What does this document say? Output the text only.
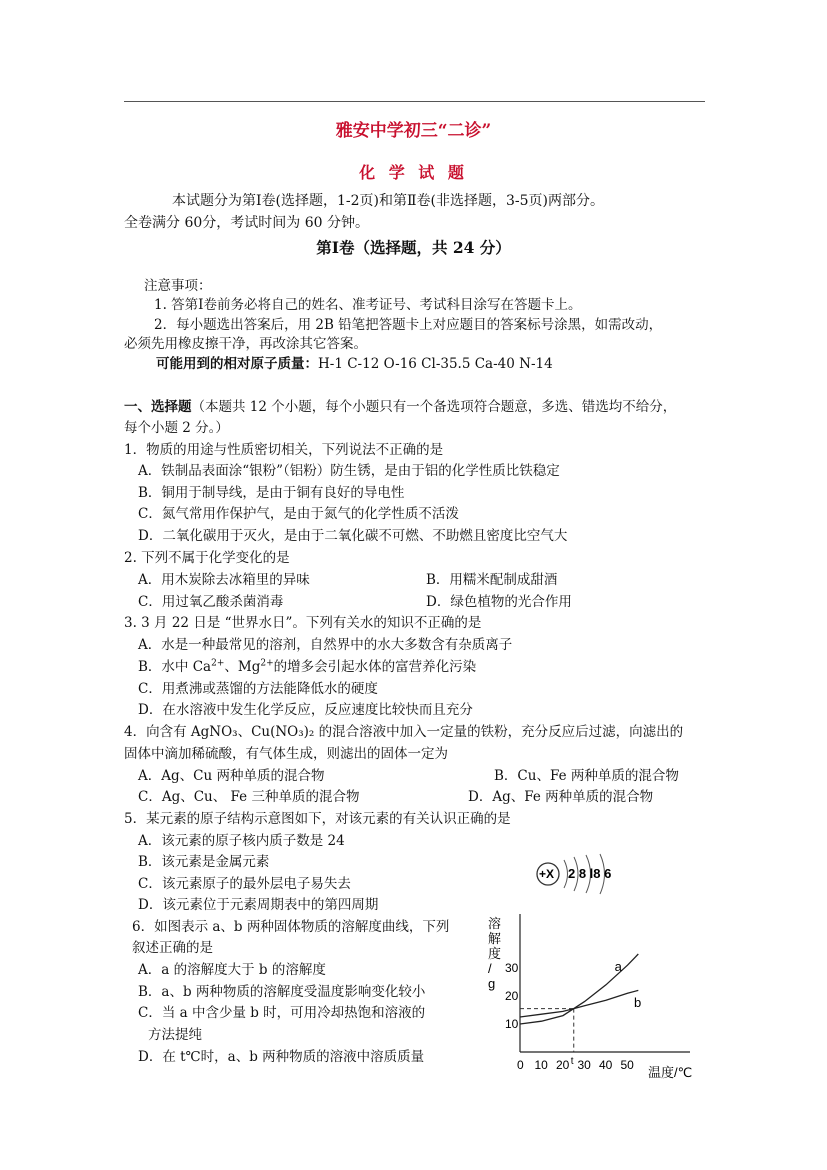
雅安中学初三“二诊”
化 学 试 题
本试题分为第Ⅰ卷(选择题，1-2页)和第Ⅱ卷(非选择题，3-5页)两部分。
全卷满分 60分，考试时间为 60 分钟。
第Ⅰ卷（选择题，共 24 分）
注意事项：
1. 答第Ⅰ卷前务必将自己的姓名、准考证号、考试科目涂写在答题卡上。
2．每小题选出答案后，用 2B 铅笔把答题卡上对应题目的答案标号涂黑，如需改动，
必须先用橡皮擦干净，再改涂其它答案。
可能用到的相对原子质量：H-1 C-12 O-16 Cl-35.5 Ca-40 N-14
一、选择题（本题共 12 个小题，每个小题只有一个备选项符合题意，多选、错选均不给分，
每个小题 2 分。）
1．物质的用途与性质密切相关，下列说法不正确的是
A．铁制品表面涂“银粉”（铝粉）防生锈，是由于铝的化学性质比铁稳定
B．铜用于制导线，是由于铜有良好的导电性
C．氮气常用作保护气，是由于氮气的化学性质不活泼
D．二氧化碳用于灭火，是由于二氧化碳不可燃、不助燃且密度比空气大
2. 下列不属于化学变化的是
A．用木炭除去冰箱里的异味	B．用糯米配制成甜酒
C．用过氧乙酸杀菌消毒	D．绿色植物的光合作用
3. 3 月 22 日是 “世界水日”。下列有关水的知识不正确的是
A．水是一种最常见的溶剂，自然界中的水大多数含有杂质离子
B．水中 $Ca^{2+}$、$Mg^{2+}$的增多会引起水体的富营养化污染
C．用煮沸或蒸馏的方法能降低水的硬度
D．在水溶液中发生化学反应，反应速度比较快而且充分
4．向含有 AgNO₃、Cu(NO₃)₂ 的混合溶液中加入一定量的铁粉，充分反应后过滤，向滤出的
固体中滴加稀硫酸，有气体生成，则滤出的固体一定为
A．Ag、Cu 两种单质的混合物	B．Cu、Fe 两种单质的混合物
C．Ag、Cu、 Fe 三种单质的混合物	D．Ag、Fe 两种单质的混合物
5．某元素的原子结构示意图如下，对该元素的有关认识正确的是
A．该元素的原子核内质子数是 24
B．该元素是金属元素
C．该元素原子的最外层电子易失去
D．该元素位于元素周期表中的第四周期
+X 2 8 l8 6
6．如图表示 a、b 两种固体物质的溶解度曲线，下列
叙述正确的是
A．a 的溶解度大于 b 的溶解度
B．a、b 两种物质的溶解度受温度影响变化较小
C．当 a 中含少量 b 时，可用冷却热饱和溶液的
方法提纯
D．在 t℃时，a、b 两种物质的溶液中溶质质量
溶
解
度
/
g
温度/℃
0 10 20 30 40 50
10
20
30
t
a
b
